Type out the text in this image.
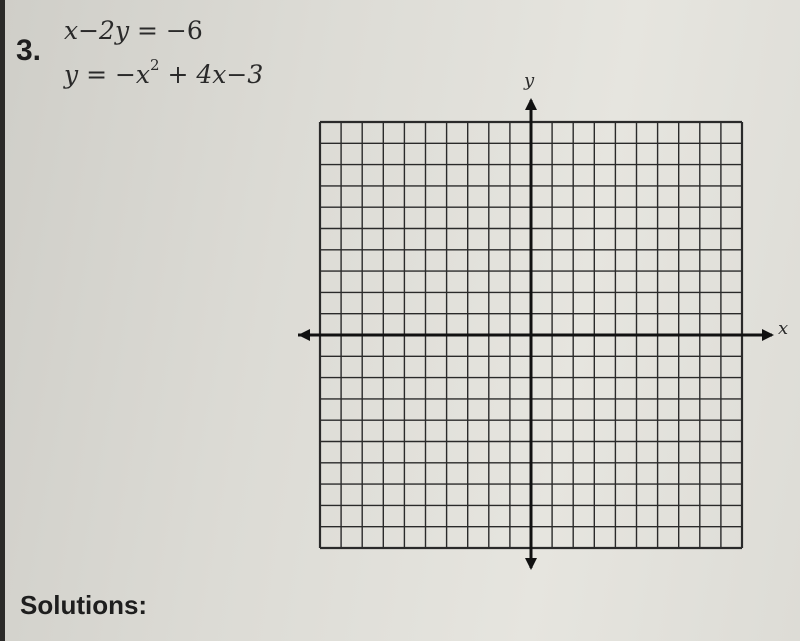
3.
x−2y = −6
$y = -x^2 + 4x-3$	y
x
Solutions:
